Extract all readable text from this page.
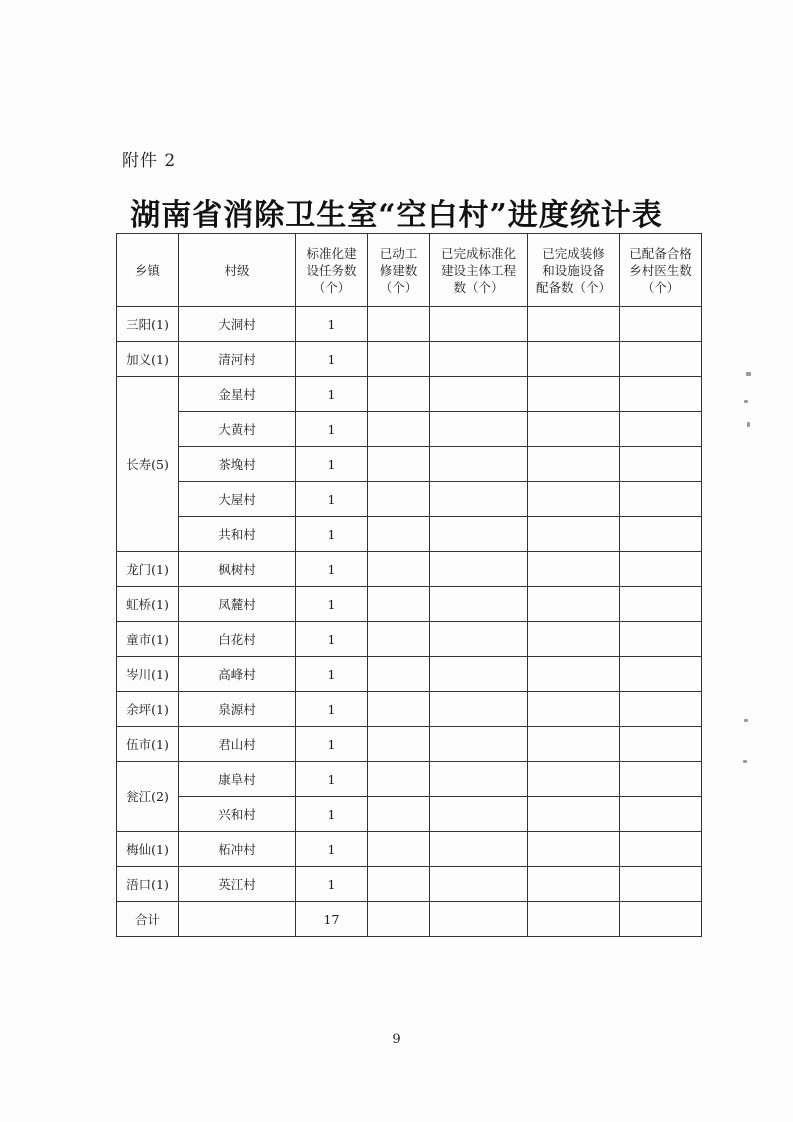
附件 2
湖南省消除卫生室“空白村”进度统计表
乡镇	村级	标准化建
设任务数
（个）	已动工
修建数
（个）	已完成标准化
建设主体工程
数（个）	已完成装修
和设施设备
配备数（个）	已配备合格
乡村医生数
（个）

三阳(1)	大洞村	1				
加义(1)	清河村	1				
长寿(5)	金星村	1				
	大黄村	1				
	茶堍村	1				
	大屋村	1				
	共和村	1				
龙门(1)	枫树村	1				
虹桥(1)	凤麓村	1				
童市(1)	白花村	1				
岑川(1)	高峰村	1				
余坪(1)	泉源村	1				
伍市(1)	君山村	1				
瓮江(2)	康阜村	1				
	兴和村	1				
梅仙(1)	柘冲村	1				
浯口(1)	英江村	1				
合计		17				
9
